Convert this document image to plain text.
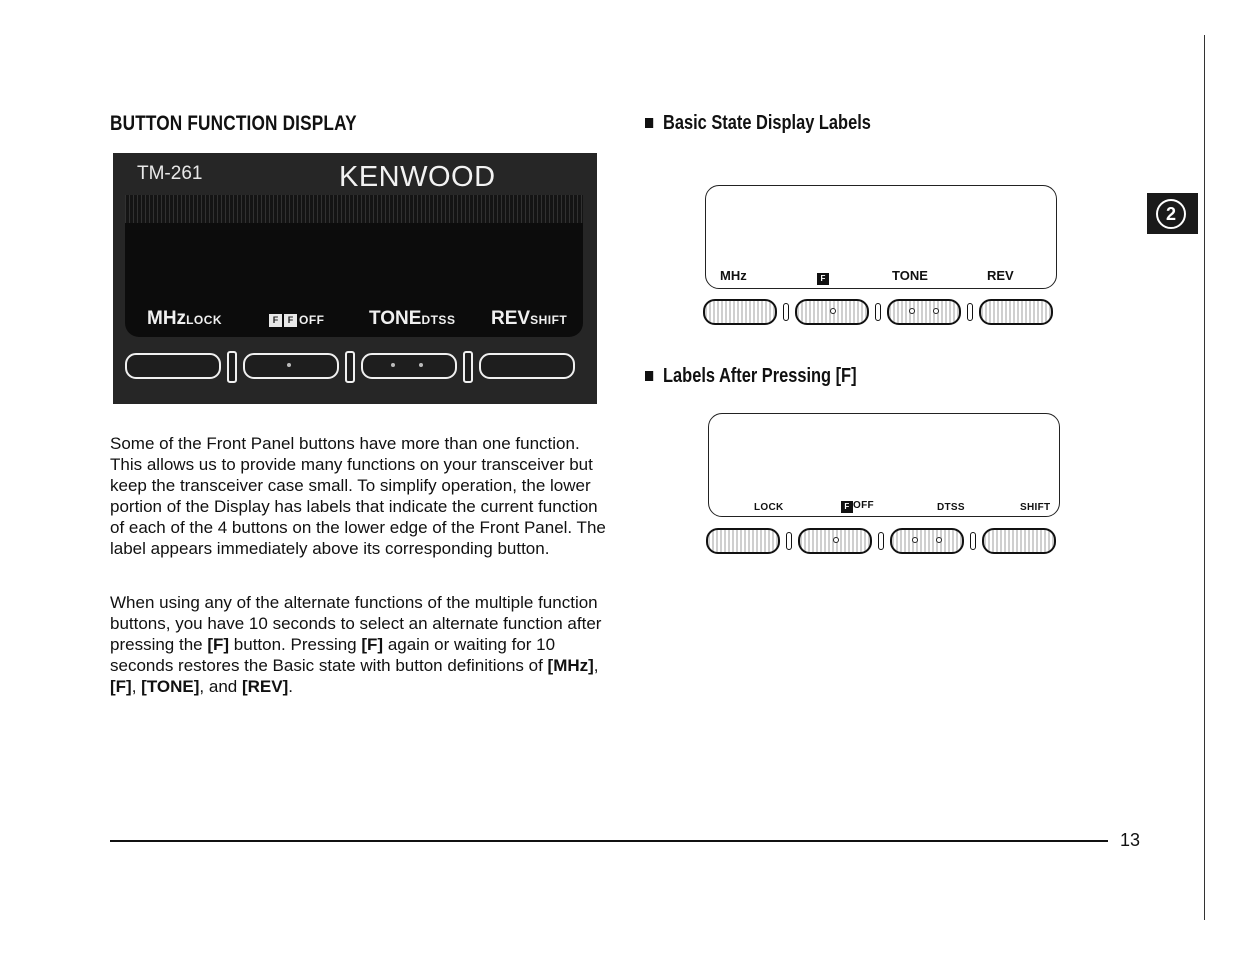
BUTTON FUNCTION DISPLAY
TM-261	KENWOOD
MHzLOCK	F F OFF TONEDTSS REVSHIFT

Some of the Front Panel buttons have more than one function. This allows us to provide many functions on your transceiver but keep the transceiver case small. To simplify operation, the lower portion of the Display has labels that indicate the current function of each of the 4 buttons on the lower edge of the Front Panel. The label appears immediately above its corresponding button.

When using any of the alternate functions of the multiple function buttons, you have 10 seconds to select an alternate function after pressing the [F] button. Pressing [F] again or waiting for 10 seconds restores the Basic state with button definitions of [MHz], [F], [TONE], and [REV].

Basic State Display Labels
MHz	F	TONE	REV
Labels After Pressing [F]
LOCK	F OFF	DTSS	SHIFT
2
13
